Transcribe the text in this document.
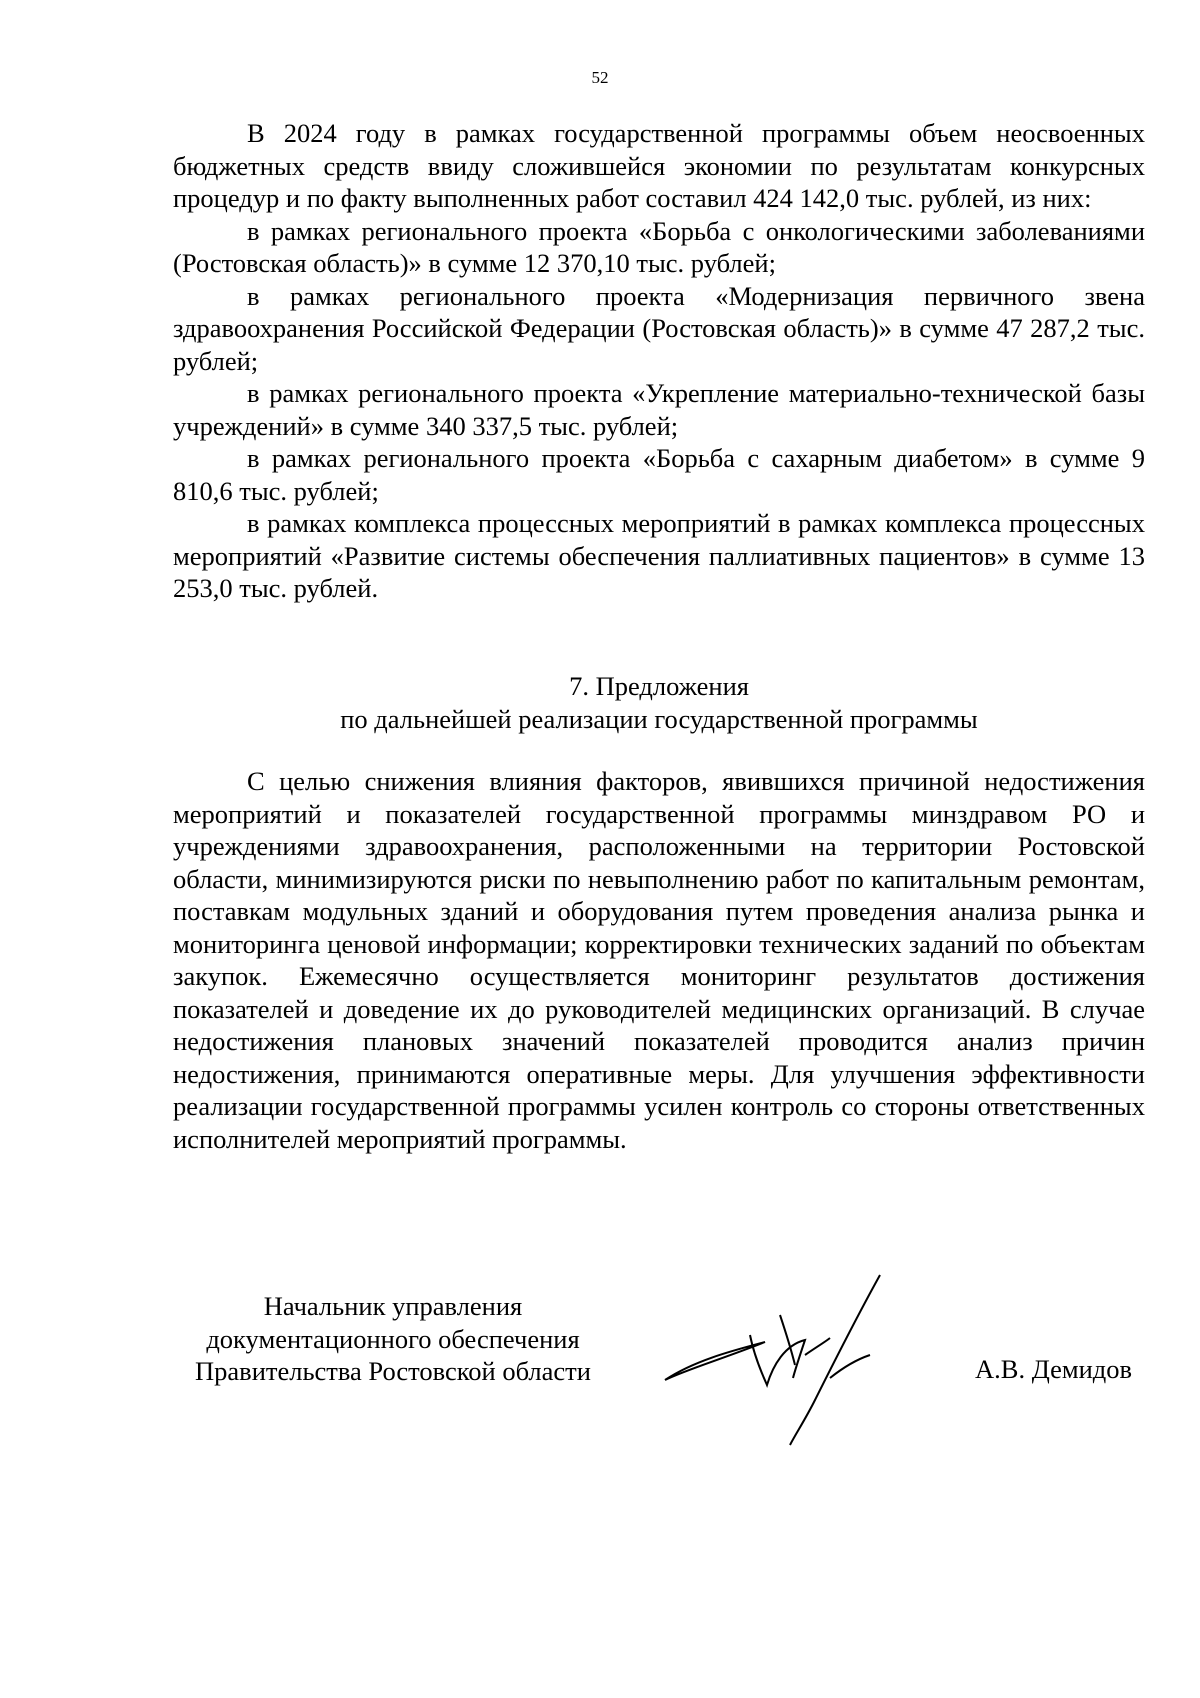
52

В 2024 году в рамках государственной программы объем неосвоенных бюджетных средств ввиду сложившейся экономии по результатам конкурсных процедур и по факту выполненных работ составил 424 142,0 тыс. рублей, из них:

в рамках регионального проекта «Борьба с онкологическими заболеваниями (Ростовская область)» в сумме 12 370,10 тыс. рублей;

в рамках регионального проекта «Модернизация первичного звена здравоохранения Российской Федерации (Ростовская область)» в сумме 47 287,2 тыс. рублей;

в рамках регионального проекта «Укрепление материально-технической базы учреждений» в сумме 340 337,5 тыс. рублей;

в рамках регионального проекта «Борьба с сахарным диабетом» в сумме 9 810,6 тыс. рублей;

в рамках комплекса процессных мероприятий в рамках комплекса процессных мероприятий «Развитие системы обеспечения паллиативных пациентов» в сумме 13 253,0 тыс. рублей.

7. Предложения

по дальнейшей реализации государственной программы

С целью снижения влияния факторов, явившихся причиной недостижения мероприятий и показателей государственной программы минздравом РО и учреждениями здравоохранения, расположенными на территории Ростовской области, минимизируются риски по невыполнению работ по капитальным ремонтам, поставкам модульных зданий и оборудования путем проведения анализа рынка и мониторинга ценовой информации; корректировки технических заданий по объектам закупок. Ежемесячно осуществляется мониторинг результатов достижения показателей и доведение их до руководителей медицинских организаций. В случае недостижения плановых значений показателей проводится анализ причин недостижения, принимаются оперативные меры. Для улучшения эффективности реализации государственной программы усилен контроль со стороны ответственных исполнителей мероприятий программы.

Начальник управления
документационного обеспечения
Правительства Ростовской области	А.В. Демидов
